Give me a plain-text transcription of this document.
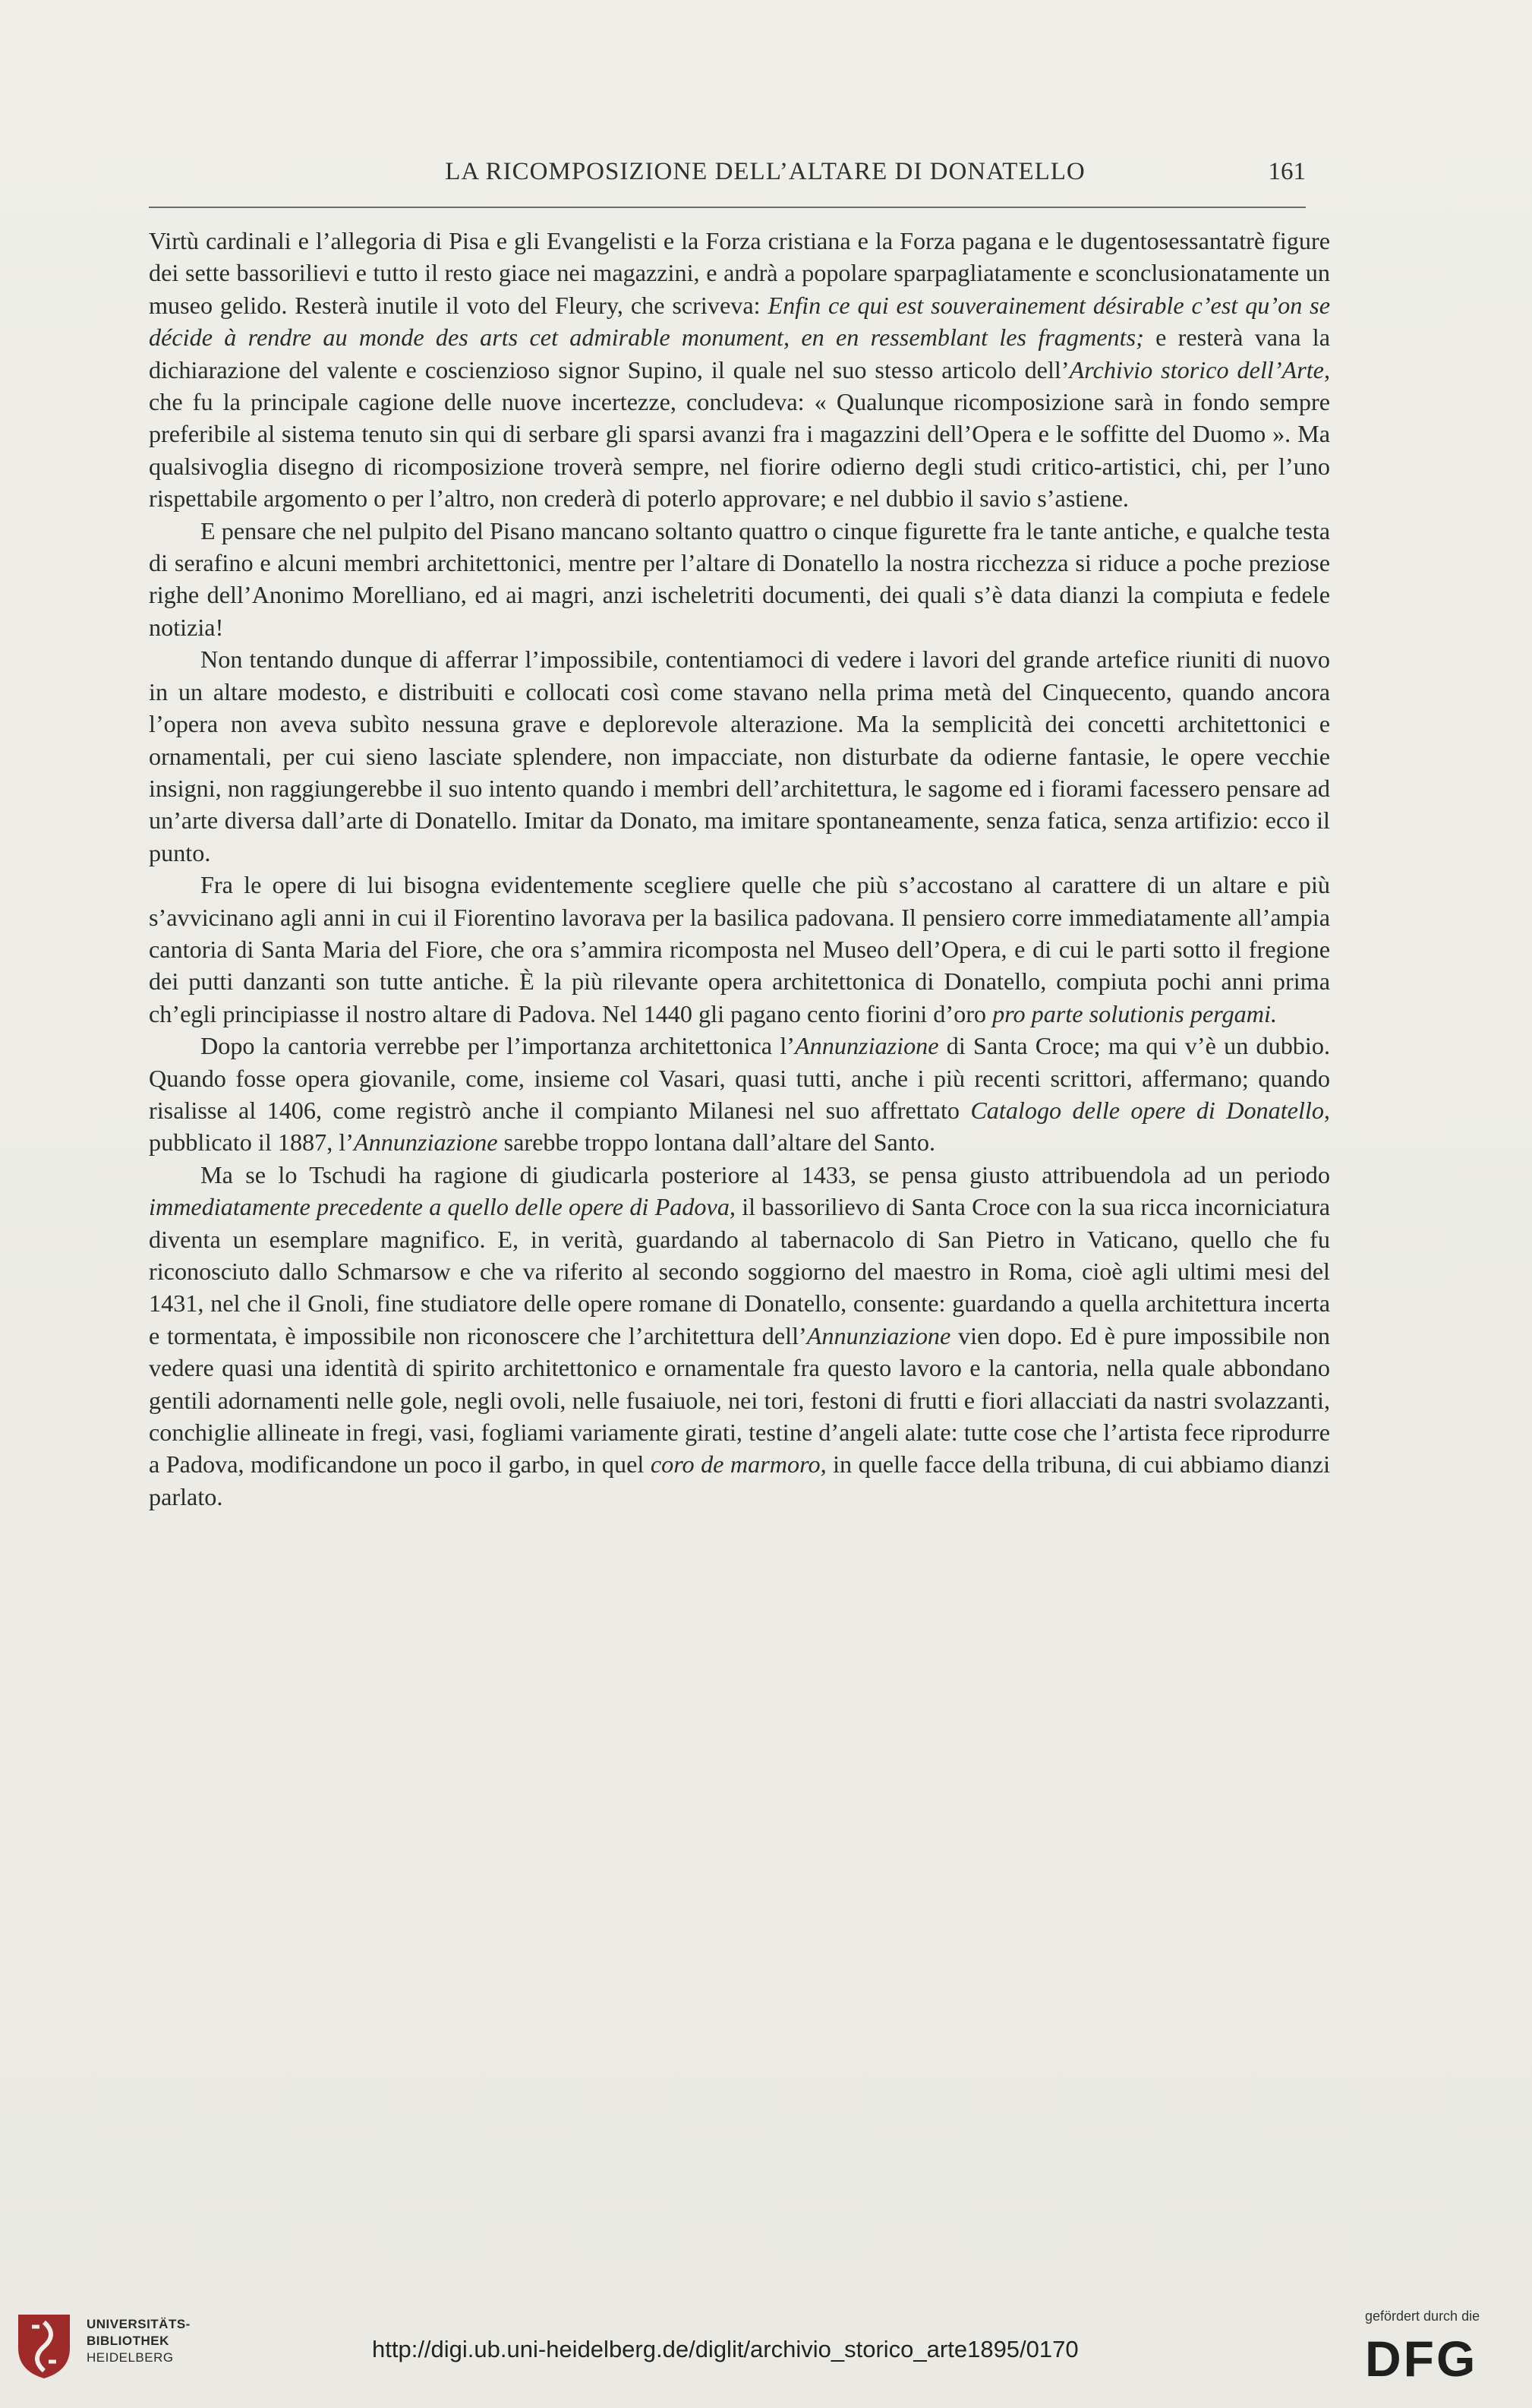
LA RICOMPOSIZIONE DELL’ALTARE DI DONATELLO	161

Virtù cardinali e l’allegoria di Pisa e gli Evangelisti e la Forza cristiana e la Forza pagana e le dugentosessantatrè figure dei sette bassorilievi e tutto il resto giace nei magazzini, e andrà a popolare sparpagliatamente e sconclusionatamente un museo gelido. Resterà inutile il voto del Fleury, che scriveva: Enfin ce qui est souverainement désirable c’est qu’on se décide à rendre au monde des arts cet admirable monument, en en ressemblant les fragments; e resterà vana la dichiarazione del valente e coscienzioso signor Supino, il quale nel suo stesso articolo dell’Archivio storico dell’Arte, che fu la principale cagione delle nuove incertezze, concludeva: « Qualunque ricomposizione sarà in fondo sempre preferibile al sistema tenuto sin qui di serbare gli sparsi avanzi fra i magazzini dell’Opera e le soffitte del Duomo ». Ma qualsivoglia disegno di ricomposizione troverà sempre, nel fiorire odierno degli studi critico-artistici, chi, per l’uno rispettabile argomento o per l’altro, non crederà di poterlo approvare; e nel dubbio il savio s’astiene.

E pensare che nel pulpito del Pisano mancano soltanto quattro o cinque figurette fra le tante antiche, e qualche testa di serafino e alcuni membri architettonici, mentre per l’altare di Donatello la nostra ricchezza si riduce a poche preziose righe dell’Anonimo Morelliano, ed ai magri, anzi ischeletriti documenti, dei quali s’è data dianzi la compiuta e fedele notizia!

Non tentando dunque di afferrar l’impossibile, contentiamoci di vedere i lavori del grande artefice riuniti di nuovo in un altare modesto, e distribuiti e collocati così come stavano nella prima metà del Cinquecento, quando ancora l’opera non aveva subìto nessuna grave e deplorevole alterazione. Ma la semplicità dei concetti architettonici e ornamentali, per cui sieno lasciate splendere, non impacciate, non disturbate da odierne fantasie, le opere vecchie insigni, non raggiungerebbe il suo intento quando i membri dell’architettura, le sagome ed i fiorami facessero pensare ad un’arte diversa dall’arte di Donatello. Imitar da Donato, ma imitare spontaneamente, senza fatica, senza artifizio: ecco il punto.

Fra le opere di lui bisogna evidentemente scegliere quelle che più s’accostano al carattere di un altare e più s’avvicinano agli anni in cui il Fiorentino lavorava per la basilica padovana. Il pensiero corre immediatamente all’ampia cantoria di Santa Maria del Fiore, che ora s’ammira ricomposta nel Museo dell’Opera, e di cui le parti sotto il fregione dei putti danzanti son tutte antiche. È la più rilevante opera architettonica di Donatello, compiuta pochi anni prima ch’egli principiasse il nostro altare di Padova. Nel 1440 gli pagano cento fiorini d’oro pro parte solutionis pergami.

Dopo la cantoria verrebbe per l’importanza architettonica l’Annunziazione di Santa Croce; ma qui v’è un dubbio. Quando fosse opera giovanile, come, insieme col Vasari, quasi tutti, anche i più recenti scrittori, affermano; quando risalisse al 1406, come registrò anche il compianto Milanesi nel suo affrettato Catalogo delle opere di Donatello, pubblicato il 1887, l’Annunziazione sarebbe troppo lontana dall’altare del Santo.

Ma se lo Tschudi ha ragione di giudicarla posteriore al 1433, se pensa giusto attribuendola ad un periodo immediatamente precedente a quello delle opere di Padova, il bassorilievo di Santa Croce con la sua ricca incorniciatura diventa un esemplare magnifico. E, in verità, guardando al tabernacolo di San Pietro in Vaticano, quello che fu riconosciuto dallo Schmarsow e che va riferito al secondo soggiorno del maestro in Roma, cioè agli ultimi mesi del 1431, nel che il Gnoli, fine studiatore delle opere romane di Donatello, consente: guardando a quella architettura incerta e tormentata, è impossibile non riconoscere che l’architettura dell’Annunziazione vien dopo. Ed è pure impossibile non vedere quasi una identità di spirito architettonico e ornamentale fra questo lavoro e la cantoria, nella quale abbondano gentili adornamenti nelle gole, negli ovoli, nelle fusaiuole, nei tori, festoni di frutti e fiori allacciati da nastri svolazzanti, conchiglie allineate in fregi, vasi, fogliami variamente girati, testine d’angeli alate: tutte cose che l’artista fece riprodurre a Padova, modificandone un poco il garbo, in quel coro de marmoro, in quelle facce della tribuna, di cui abbiamo dianzi parlato.

UNIVERSITÄTS-
BIBLIOTHEK
HEIDELBERG	http://digi.ub.uni-heidelberg.de/diglit/archivio_storico_arte1895/0170
gefördert durch die
DFG
